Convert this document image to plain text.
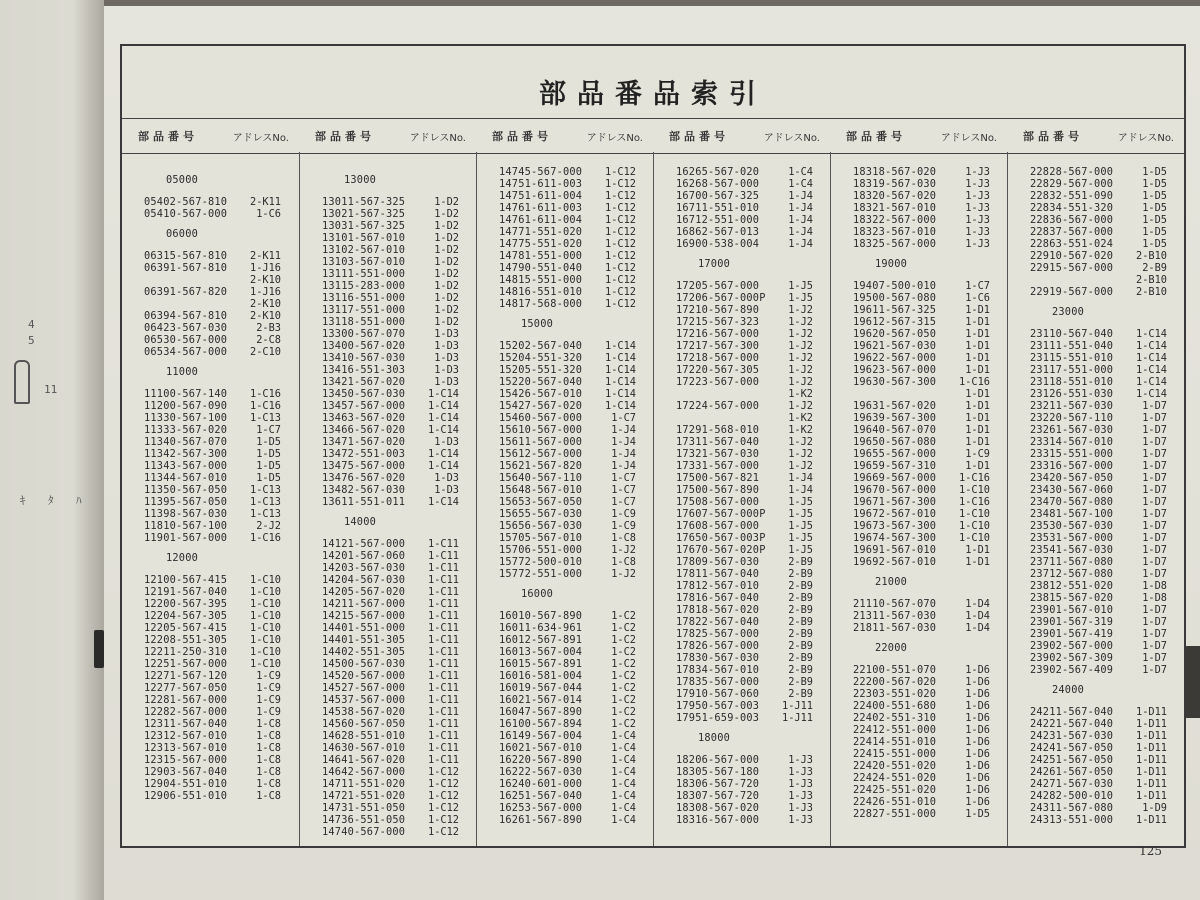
4
5
11
ｷ ﾀ ﾊ
部品番品索引
部品番号	アドレスNo. 部品番号	アドレスNo. 部品番号	アドレスNo. 部品番号	アドレスNo. 部品番号	アドレスNo. 部品番号	アドレスNo.
05000
05402-567-810 2-K11
05410-567-000	1-C6
06000
06315-567-810 2-K11
06391-567-810 1-J16
2-K10
06391-567-820 1-J16
2-K10
06394-567-810 2-K10
06423-567-030	2-B3
06530-567-000	2-C8
06534-567-000 2-C10
11000
11100-567-140 1-C16
11200-567-090 1-C16
11330-567-100 1-C13
11333-567-020	1-C7
11340-567-070	1-D5
11342-567-300	1-D5
11343-567-000	1-D5
11344-567-010	1-D5
11350-567-050 1-C13
11395-567-050 1-C13
11398-567-030 1-C13
11810-567-100	2-J2
11901-567-000 1-C16
12000
12100-567-415 1-C10
12191-567-040 1-C10
12200-567-395 1-C10
12204-567-305 1-C10
12205-567-415 1-C10
12208-551-305 1-C10
12211-250-310 1-C10
12251-567-000 1-C10
12271-567-120	1-C9
12277-567-050	1-C9
12281-567-000	1-C9
12282-567-000	1-C9
12311-567-040	1-C8
12312-567-010	1-C8
12313-567-010	1-C8
12315-567-000	1-C8
12903-567-040	1-C8
12904-551-010	1-C8
12906-551-010	1-C8
13000
13011-567-325	1-D2
13021-567-325	1-D2
13031-567-325	1-D2
13101-567-010	1-D2
13102-567-010	1-D2
13103-567-010	1-D2
13111-551-000	1-D2
13115-283-000	1-D2
13116-551-000	1-D2
13117-551-000	1-D2
13118-551-000	1-D2
13300-567-070	1-D3
13400-567-020	1-D3
13410-567-030	1-D3
13416-551-303	1-D3
13421-567-020	1-D3
13450-567-030 1-C14
13457-567-000 1-C14
13463-567-020 1-C14
13466-567-020 1-C14
13471-567-020	1-D3
13472-551-003 1-C14
13475-567-000 1-C14
13476-567-020	1-D3
13482-567-030	1-D3
13611-551-011 1-C14
14000
14121-567-000 1-C11
14201-567-060 1-C11
14203-567-030 1-C11
14204-567-030 1-C11
14205-567-020 1-C11
14211-567-000 1-C11
14215-567-000 1-C11
14401-551-000 1-C11
14401-551-305 1-C11
14402-551-305 1-C11
14500-567-030 1-C11
14520-567-000 1-C11
14527-567-000 1-C11
14537-567-000 1-C11
14538-567-020 1-C11
14560-567-050 1-C11
14628-551-010 1-C11
14630-567-010 1-C11
14641-567-020 1-C11
14642-567-000 1-C12
14711-551-020 1-C12
14721-551-020 1-C12
14731-551-050 1-C12
14736-551-050 1-C12
14740-567-000 1-C12
14745-567-000 1-C12
14751-611-003 1-C12
14751-611-004 1-C12
14761-611-003 1-C12
14761-611-004 1-C12
14771-551-020 1-C12
14775-551-020 1-C12
14781-551-000 1-C12
14790-551-040 1-C12
14815-551-000 1-C12
14816-551-010 1-C12
14817-568-000 1-C12
15000
15202-567-040 1-C14
15204-551-320 1-C14
15205-551-320 1-C14
15220-567-040 1-C14
15426-567-010 1-C14
15427-567-020 1-C14
15460-567-000	1-C7
15610-567-000	1-J4
15611-567-000	1-J4
15612-567-000	1-J4
15621-567-820	1-J4
15640-567-110	1-C7
15648-567-010	1-C7
15653-567-050	1-C7
15655-567-030	1-C9
15656-567-030	1-C9
15705-567-010	1-C8
15706-551-000	1-J2
15772-500-010	1-C8
15772-551-000	1-J2
16000
16010-567-890	1-C2
16011-634-961	1-C2
16012-567-891	1-C2
16013-567-004	1-C2
16015-567-891	1-C2
16016-581-004	1-C2
16019-567-044	1-C2
16021-567-014	1-C2
16047-567-890	1-C2
16100-567-894	1-C2
16149-567-004	1-C4
16021-567-010	1-C4
16220-567-890	1-C4
16222-567-030	1-C4
16240-601-000	1-C4
16251-567-040	1-C4
16253-567-000	1-C4
16261-567-890	1-C4
16265-567-020	1-C4
16268-567-000	1-C4
16700-567-325	1-J4
16711-551-010	1-J4
16712-551-000	1-J4
16862-567-013	1-J4
16900-538-004	1-J4
17000
17205-567-000	1-J5
17206-567-000P 1-J5
17210-567-890	1-J2
17215-567-323	1-J2
17216-567-000	1-J2
17217-567-300	1-J2
17218-567-000	1-J2
17220-567-305	1-J2
17223-567-000	1-J2
1-K2
17224-567-000	1-J2
1-K2
17291-568-010	1-K2
17311-567-040	1-J2
17321-567-030	1-J2
17331-567-000	1-J2
17500-567-821	1-J4
17500-567-890	1-J4
17508-567-000	1-J5
17607-567-000P 1-J5
17608-567-000	1-J5
17650-567-003P 1-J5
17670-567-020P 1-J5
17809-567-030	2-B9
17811-567-040	2-B9
17812-567-010	2-B9
17816-567-040	2-B9
17818-567-020	2-B9
17822-567-040	2-B9
17825-567-000	2-B9
17826-567-000	2-B9
17830-567-030	2-B9
17834-567-010	2-B9
17835-567-000	2-B9
17910-567-060	2-B9
17950-567-003 1-J11
17951-659-003 1-J11
18000
18206-567-000	1-J3
18305-567-180	1-J3
18306-567-720	1-J3
18307-567-720	1-J3
18308-567-020	1-J3
18316-567-000	1-J3
18318-567-020	1-J3
18319-567-030	1-J3
18320-567-020	1-J3
18321-567-010	1-J3
18322-567-000	1-J3
18323-567-010	1-J3
18325-567-000	1-J3
19000
19407-500-010	1-C7
19500-567-080	1-C6
19611-567-325	1-D1
19612-567-315	1-D1
19620-567-050	1-D1
19621-567-030	1-D1
19622-567-000	1-D1
19623-567-000	1-D1
19630-567-300 1-C16
1-D1
19631-567-020	1-D1
19639-567-300	1-D1
19640-567-070	1-D1
19650-567-080	1-D1
19655-567-000	1-C9
19659-567-310	1-D1
19669-567-000 1-C16
19670-567-000 1-C10
19671-567-300 1-C16
19672-567-010 1-C10
19673-567-300 1-C10
19674-567-300 1-C10
19691-567-010	1-D1
19692-567-010	1-D1
21000
21110-567-070	1-D4
21311-567-030	1-D4
21811-567-030	1-D4
22000
22100-551-070	1-D6
22200-567-020	1-D6
22303-551-020	1-D6
22400-551-680	1-D6
22402-551-310	1-D6
22412-551-000	1-D6
22414-551-010	1-D6
22415-551-000	1-D6
22420-551-020	1-D6
22424-551-020	1-D6
22425-551-020	1-D6
22426-551-010	1-D6
22827-551-000	1-D5
22828-567-000	1-D5
22829-567-000	1-D5
22832-551-090	1-D5
22834-551-320	1-D5
22836-567-000	1-D5
22837-567-000	1-D5
22863-551-024	1-D5
22910-567-020 2-B10
22915-567-000	2-B9
2-B10
22919-567-000 2-B10
23000
23110-567-040 1-C14
23111-551-040 1-C14
23115-551-010 1-C14
23117-551-000 1-C14
23118-551-010 1-C14
23126-551-030 1-C14
23211-567-030	1-D7
23220-567-110	1-D7
23261-567-030	1-D7
23314-567-010	1-D7
23315-551-000	1-D7
23316-567-000	1-D7
23420-567-050	1-D7
23430-567-060	1-D7
23470-567-080	1-D7
23481-567-100	1-D7
23530-567-030	1-D7
23531-567-000	1-D7
23541-567-030	1-D7
23711-567-080	1-D7
23712-567-080	1-D7
23812-551-020	1-D8
23815-567-020	1-D8
23901-567-010	1-D7
23901-567-319	1-D7
23901-567-419	1-D7
23902-567-000	1-D7
23902-567-309	1-D7
23902-567-409	1-D7
24000
24211-567-040 1-D11
24221-567-040 1-D11
24231-567-030 1-D11
24241-567-050 1-D11
24251-567-050 1-D11
24261-567-050 1-D11
24271-567-030 1-D11
24282-500-010 1-D11
24311-567-080	1-D9
24313-551-000 1-D11
125
